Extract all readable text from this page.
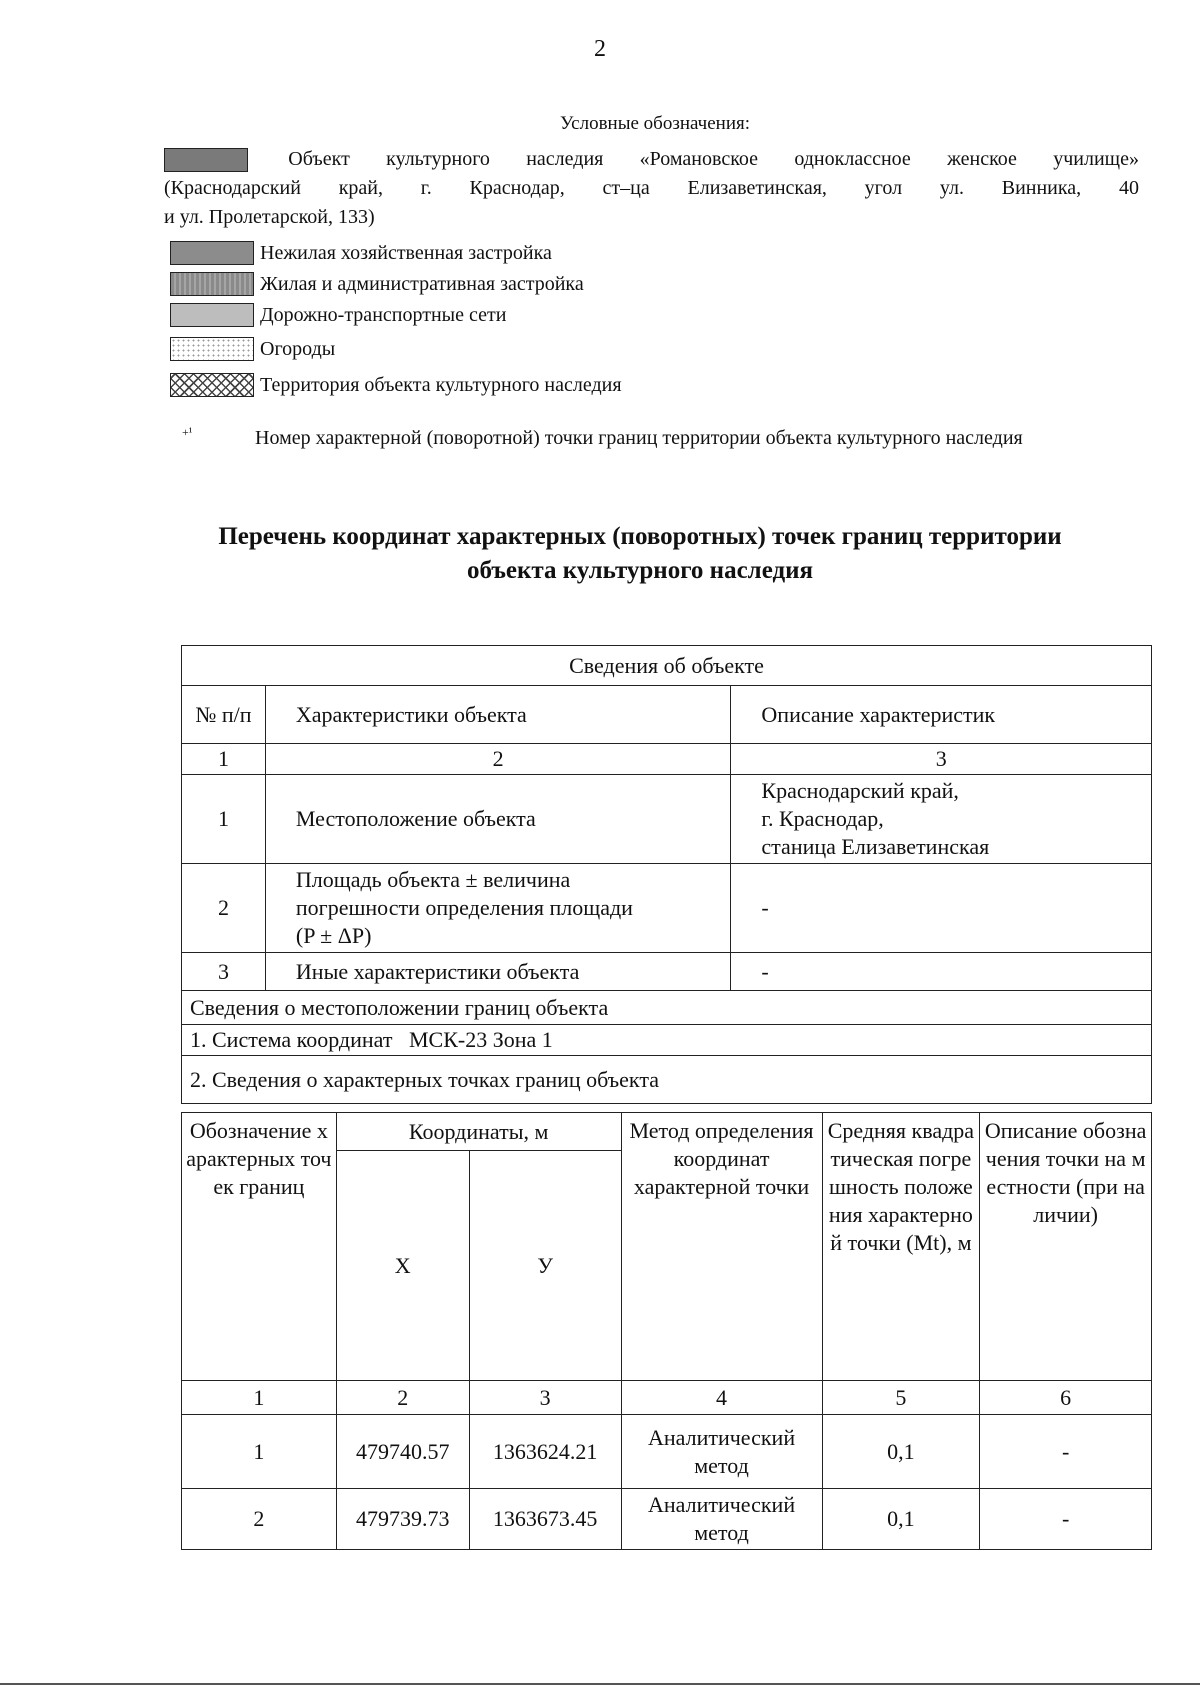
2
Условные обозначения:
Объект культурного наследия «Романовское одноклассное женское училище»
(Краснодарский край, г. Краснодар, ст–ца Елизаветинская, угол ул. Винника, 40
и ул. Пролетарской, 133)
Нежилая хозяйственная застройка
Жилая и административная застройка
Дорожно-транспортные сети
Огороды
Территория объекта культурного наследия
+¹	Номер характерной (поворотной) точки границ территории объекта культурного наследия
Перечень координат характерных (поворотных) точек границ территории
объекта культурного наследия
Сведения об объекте		
№ п/п	Характеристики объекта	Описание характеристик
1	2	3
1	Местоположение объекта	Краснодарский край,
г. Краснодар,
станица Елизаветинская

2	Площадь объекта ± величина
погрешности определения площади
(P ± ΔP)	-
3	Иные характеристики объекта	-
Сведения о местоположении границ объекта		
1. Система координат   МСК-23 Зона 1		
2. Сведения о характерных точках границ объекта		
Обозначение характерных точек границ	Координаты, м		Метод определения координат характерной точки	Средняя квадратическая погрешность положения характерной точки (Mt), м	Описание обозначения точки на местности (при наличии)
	Х	У			
1	2	3	4	5	6
1	479740.57	1363624.21	Аналитический метод	0,1	-
2	479739.73	1363673.45	Аналитический метод	0,1	-
